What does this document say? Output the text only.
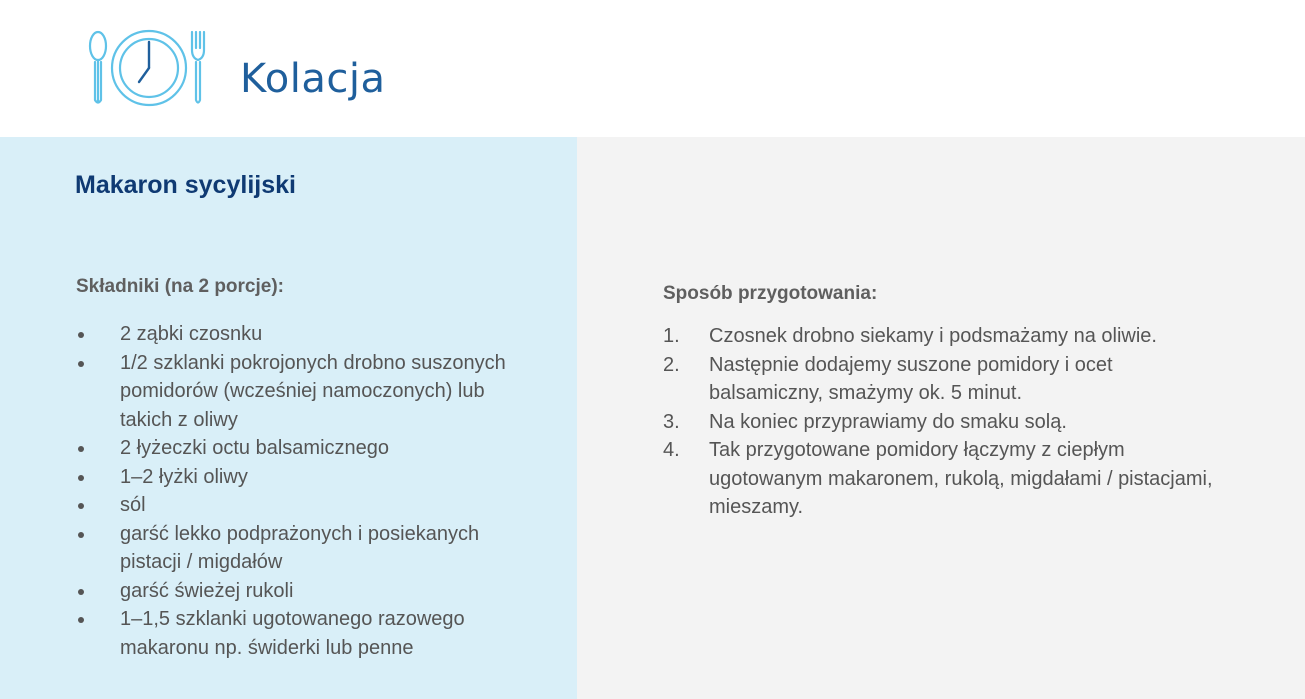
Kolacja
Makaron sycylijski
Składniki (na 2 porcje):
2 ząbki czosnku
1/2 szklanki pokrojonych drobno suszonych pomidorów (wcześniej namoczonych) lub takich z oliwy
2 łyżeczki octu balsamicznego
1–2 łyżki oliwy
sól
garść lekko podprażonych i posiekanych pistacji / migdałów
garść świeżej rukoli
1–1,5 szklanki ugotowanego razowego makaronu np. świderki lub penne
Sposób przygotowania:
1. Czosnek drobno siekamy i podsmażamy na oliwie.
2. Następnie dodajemy suszone pomidory i ocet balsamiczny, smażymy ok. 5 minut.
3. Na koniec przyprawiamy do smaku solą.
4. Tak przygotowane pomidory łączymy z ciepłym ugotowanym makaronem, rukolą, migdałami / pistacjami, mieszamy.
